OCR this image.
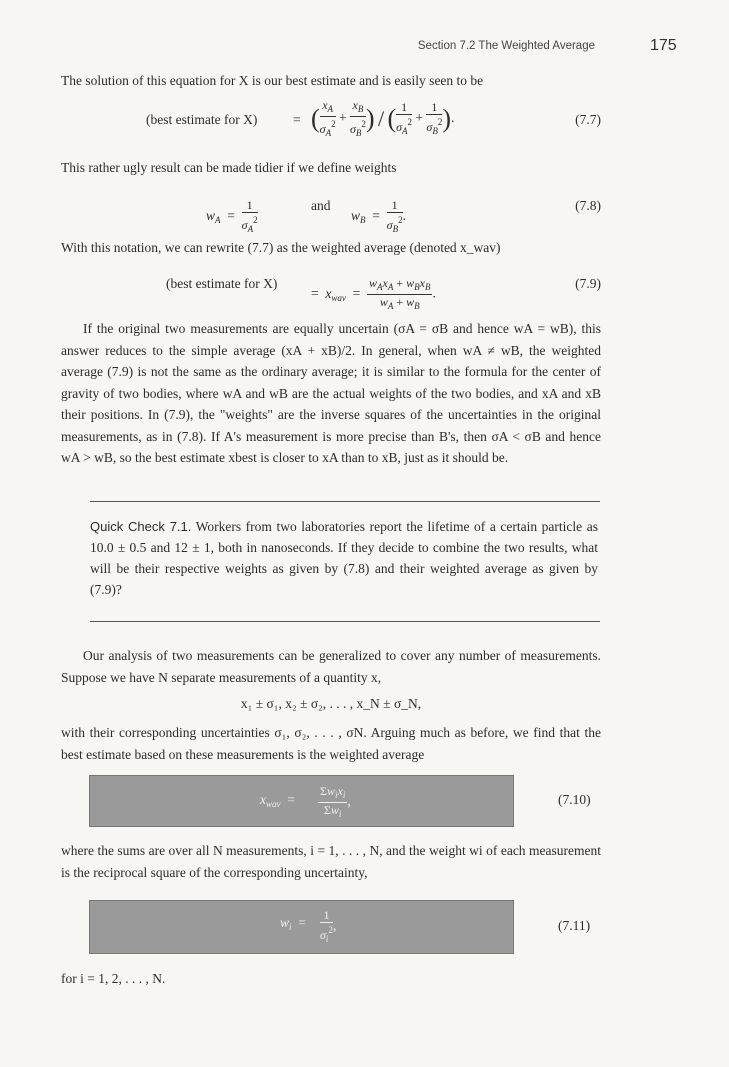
Section 7.2 The Weighted Average	175
The solution of this equation for X is our best estimate and is easily seen to be
(best estimate for X)	= ( $\frac{x_A}{\sigma_A^2} + \frac{x_B}{\sigma_B^2}$ ) / ( $\frac{1}{\sigma_A^2} + \frac{1}{\sigma_B^2}$ ).	(7.7)
This rather ugly result can be made tidier if we define weights
$w_A = \frac{1}{\sigma_A^2}$	and
$w_B = \frac{1}{\sigma_B^2}$ .
(7.8)
With this notation, we can rewrite (7.7) as the weighted average (denoted x_wav)
(best estimate for X)
=  $x_{wav} = \frac{w_Ax_A + w_Bx_B}{w_A + w_B}$ .
(7.9)
If the original two measurements are equally uncertain (σA = σB and hence wA = wB), this answer reduces to the simple average (xA + xB)/2. In general, when wA ≠ wB, the weighted average (7.9) is not the same as the ordinary average; it is similar to the formula for the center of gravity of two bodies, where wA and wB are the actual weights of the two bodies, and xA and xB their positions. In (7.9), the "weights" are the inverse squares of the uncertainties in the original measurements, as in (7.8). If A's measurement is more precise than B's, then σA < σB and hence wA > wB, so the best estimate xbest is closer to xA than to xB, just as it should be.
Quick Check 7.1. Workers from two laboratories report the lifetime of a certain particle as 10.0 ± 0.5 and 12 ± 1, both in nanoseconds. If they decide to combine the two results, what will be their respective weights as given by (7.8) and their weighted average as given by (7.9)?
Our analysis of two measurements can be generalized to cover any number of measurements. Suppose we have N separate measurements of a quantity x,
x₁ ± σ₁, x₂ ± σ₂, . . . , x_N ± σ_N,
with their corresponding uncertainties σ₁, σ₂, . . . , σN. Arguing much as before, we find that the best estimate based on these measurements is the weighted average
$x_{wav} = \frac{\Sigma w_ix_i}{\Sigma w_i}$ ,	(7.10)
where the sums are over all N measurements, i = 1, . . . , N, and the weight wi of each measurement is the reciprocal square of the corresponding uncertainty,
$w_i = \frac{1}{\sigma_i^2}$ ,	(7.11)
for i = 1, 2, . . . , N.
